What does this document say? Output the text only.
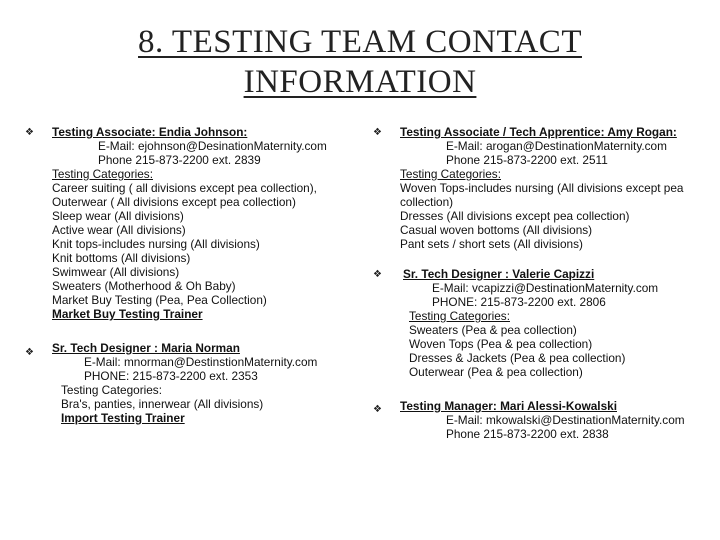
8. TESTING TEAM CONTACT
INFORMATION
❖ Testing Associate: Endia Johnson:
E-Mail: ejohnson@DesinationMaternity.com
Phone 215-873-2200 ext. 2839
Testing Categories:
Career suiting ( all divisions except pea collection),
Outerwear ( All divisions except pea collection)
Sleep wear (All divisions)
Active wear (All divisions)
Knit tops-includes nursing (All divisions)
Knit bottoms (All divisions)
Swimwear (All divisions)
Sweaters (Motherhood & Oh Baby)
Market Buy Testing (Pea, Pea Collection)
Market Buy Testing Trainer
❖ Sr. Tech Designer : Maria Norman
E-Mail: mnorman@DestinstionMaternity.com
PHONE: 215-873-2200 ext. 2353
Testing Categories:
Bra's, panties, innerwear (All divisions)
Import Testing Trainer
❖ Testing Associate / Tech Apprentice: Amy Rogan:
E-Mail: arogan@DestinationMaternity.com
Phone 215-873-2200 ext. 2511
Testing Categories:
Woven Tops-includes nursing (All divisions except pea
collection)
Dresses (All divisions except pea collection)
Casual woven bottoms (All divisions)
Pant sets / short sets (All divisions)
❖ Sr. Tech Designer : Valerie Capizzi
E-Mail: vcapizzi@DestinationMaternity.com
PHONE: 215-873-2200 ext. 2806
Testing Categories:
Sweaters (Pea & pea collection)
Woven Tops (Pea & pea collection)
Dresses & Jackets (Pea & pea collection)
Outerwear (Pea & pea collection)
❖ Testing Manager: Mari Alessi-Kowalski
E-Mail: mkowalski@DestinationMaternity.com
Phone 215-873-2200 ext. 2838
